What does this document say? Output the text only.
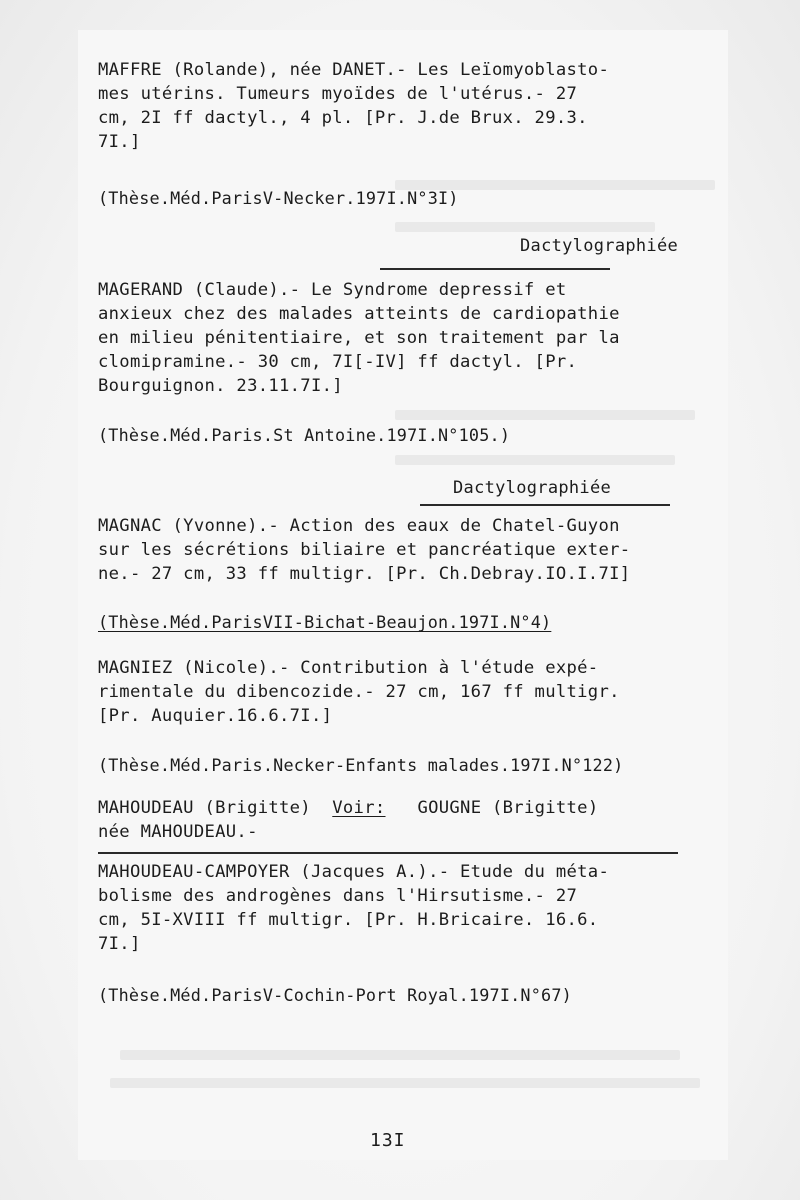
MAFFRE (Rolande), née DANET.- Les Leïomyoblasto-
mes utérins. Tumeurs myoïdes de l'utérus.- 27
cm, 2I ff dactyl., 4 pl. [Pr. J.de Brux. 29.3.
7I.]
(Thèse.Méd.ParisV-Necker.197I.N°3I)
Dactylographiée
MAGERAND (Claude).- Le Syndrome depressif et
anxieux chez des malades atteints de cardiopathie
en milieu pénitentiaire, et son traitement par la
clomipramine.- 30 cm, 7I[-IV] ff dactyl. [Pr.
Bourguignon. 23.11.7I.]
(Thèse.Méd.Paris.St Antoine.197I.N°105.)
Dactylographiée
MAGNAC (Yvonne).- Action des eaux de Chatel-Guyon
sur les sécrétions biliaire et pancréatique exter-
ne.- 27 cm, 33 ff multigr. [Pr. Ch.Debray.IO.I.7I]
(Thèse.Méd.ParisVII-Bichat-Beaujon.197I.N°4)
MAGNIEZ (Nicole).- Contribution à l'étude expé-
rimentale du dibencozide.- 27 cm, 167 ff multigr.
[Pr. Auquier.16.6.7I.]
(Thèse.Méd.Paris.Necker-Enfants malades.197I.N°122)
MAHOUDEAU (Brigitte) Voir: GOUGNE (Brigitte)
née MAHOUDEAU.-
MAHOUDEAU-CAMPOYER (Jacques A.).- Etude du méta-
bolisme des androgènes dans l'Hirsutisme.- 27
cm, 5I-XVIII ff multigr. [Pr. H.Bricaire. 16.6.
7I.]
(Thèse.Méd.ParisV-Cochin-Port Royal.197I.N°67)
13I
